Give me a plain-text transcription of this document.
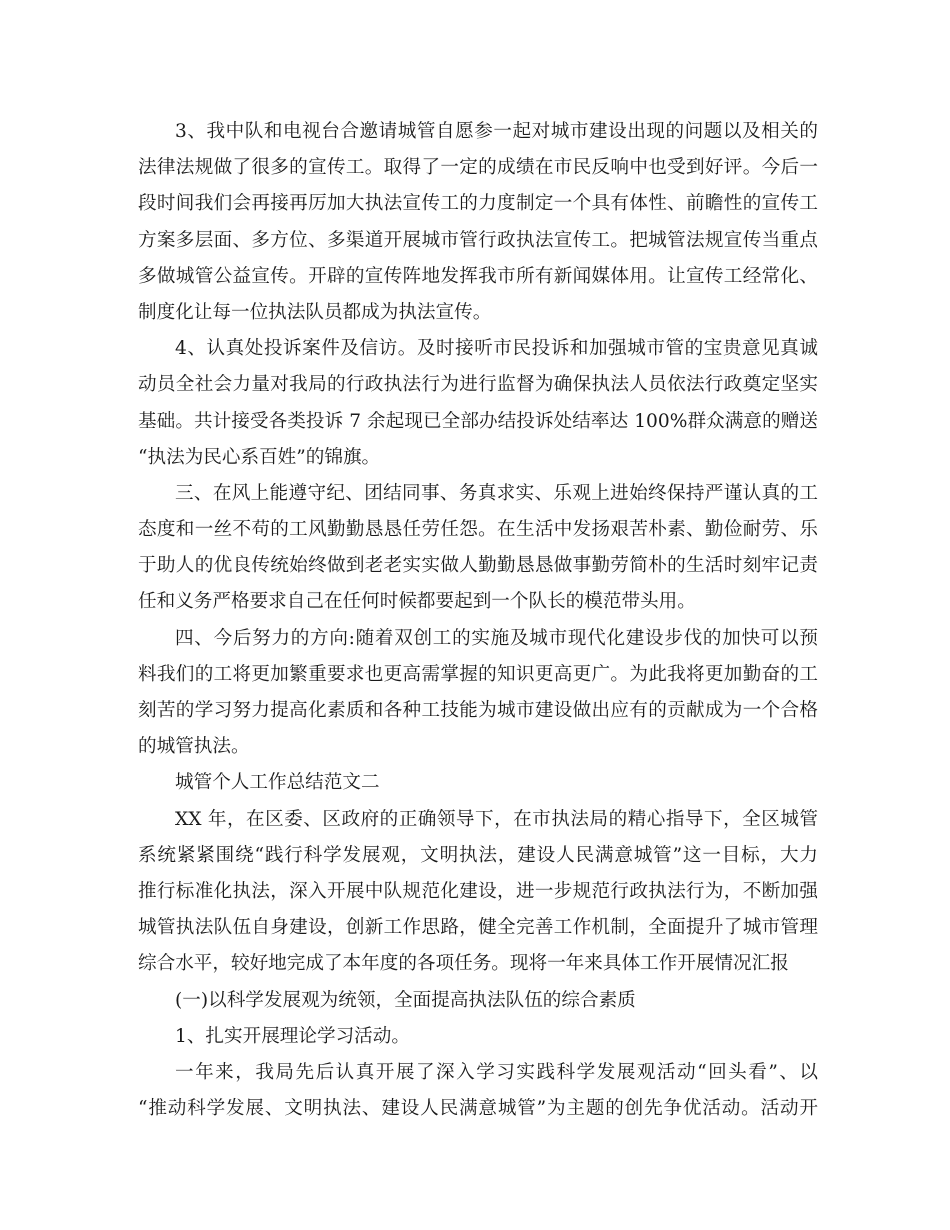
3、我中队和电视台合邀请城管自愿参一起对城市建设出现的问题以及相关的
法律法规做了很多的宣传工。取得了一定的成绩在市民反响中也受到好评。今后一
段时间我们会再接再厉加大执法宣传工的力度制定一个具有体性、前瞻性的宣传工
方案多层面、多方位、多渠道开展城市管行政执法宣传工。把城管法规宣传当重点
多做城管公益宣传。开辟的宣传阵地发挥我市所有新闻媒体用。让宣传工经常化、
制度化让每一位执法队员都成为执法宣传。
4、认真处投诉案件及信访。及时接听市民投诉和加强城市管的宝贵意见真诚
动员全社会力量对我局的行政执法行为进行监督为确保执法人员依法行政奠定坚实
基础。共计接受各类投诉 7 余起现已全部办结投诉处结率达 100%群众满意的赠送
“执法为民心系百姓”的锦旗。
三、在风上能遵守纪、团结同事、务真求实、乐观上进始终保持严谨认真的工
态度和一丝不苟的工风勤勤恳恳任劳任怨。在生活中发扬艰苦朴素、勤俭耐劳、乐
于助人的优良传统始终做到老老实实做人勤勤恳恳做事勤劳简朴的生活时刻牢记责
任和义务严格要求自己在任何时候都要起到一个队长的模范带头用。
四、今后努力的方向:随着双创工的实施及城市现代化建设步伐的加快可以预
料我们的工将更加繁重要求也更高需掌握的知识更高更广。为此我将更加勤奋的工
刻苦的学习努力提高化素质和各种工技能为城市建设做出应有的贡献成为一个合格
的城管执法。
城管个人工作总结范文二
XX 年，在区委、区政府的正确领导下，在市执法局的精心指导下，全区城管
系统紧紧围绕“践行科学发展观，文明执法，建设人民满意城管”这一目标，大力
推行标准化执法，深入开展中队规范化建设，进一步规范行政执法行为，不断加强
城管执法队伍自身建设，创新工作思路，健全完善工作机制，全面提升了城市管理
综合水平，较好地完成了本年度的各项任务。现将一年来具体工作开展情况汇报
(一)以科学发展观为统领，全面提高执法队伍的综合素质
1、扎实开展理论学习活动。
一年来，我局先后认真开展了深入学习实践科学发展观活动“回头看”、以
“推动科学发展、文明执法、建设人民满意城管”为主题的创先争优活动。活动开
